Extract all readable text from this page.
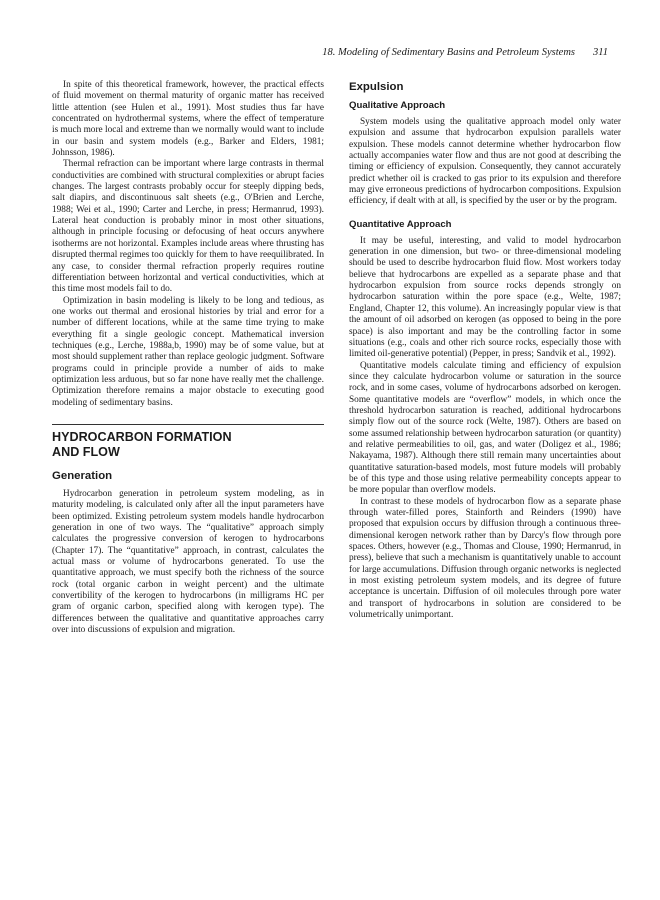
18. Modeling of Sedimentary Basins and Petroleum Systems 311

In spite of this theoretical framework, however, the practical effects of fluid movement on thermal maturity of organic matter has received little attention (see Hulen et al., 1991). Most studies thus far have concentrated on hydrothermal systems, where the effect of temperature is much more local and extreme than we normally would want to include in our basin and system models (e.g., Barker and Elders, 1981; Johnsson, 1986).

Thermal refraction can be important where large contrasts in thermal conductivities are combined with structural complexities or abrupt facies changes. The largest contrasts probably occur for steeply dipping beds, salt diapirs, and discontinuous salt sheets (e.g., O'Brien and Lerche, 1988; Wei et al., 1990; Carter and Lerche, in press; Hermanrud, 1993). Lateral heat conduction is probably minor in most other situations, although in principle focusing or defocusing of heat occurs anywhere isotherms are not horizontal. Examples include areas where thrusting has disrupted thermal regimes too quickly for them to have reequilibrated. In any case, to consider thermal refraction properly requires routine differentiation between horizontal and vertical conductivities, which at this time most models fail to do.

Optimization in basin modeling is likely to be long and tedious, as one works out thermal and erosional histories by trial and error for a number of different locations, while at the same time trying to make everything fit a single geologic concept. Mathematical inversion techniques (e.g., Lerche, 1988a,b, 1990) may be of some value, but at most should supplement rather than replace geologic judgment. Software programs could in principle provide a number of aids to make optimization less arduous, but so far none have really met the challenge. Optimization therefore remains a major obstacle to executing good modeling of sedimentary basins.

HYDROCARBON FORMATION
AND FLOW
Generation

Hydrocarbon generation in petroleum system modeling, as in maturity modeling, is calculated only after all the input parameters have been optimized. Existing petroleum system models handle hydrocarbon generation in one of two ways. The “qualitative” approach simply calculates the progressive conversion of kerogen to hydrocarbons (Chapter 17). The “quantitative” approach, in contrast, calculates the actual mass or volume of hydrocarbons generated. To use the quantitative approach, we must specify both the richness of the source rock (total organic carbon in weight percent) and the ultimate convertibility of the kerogen to hydrocarbons (in milligrams HC per gram of organic carbon, specified along with kerogen type). The differences between the qualitative and quantitative approaches carry over into discussions of expulsion and migration.

Expulsion
Qualitative Approach

System models using the qualitative approach model only water expulsion and assume that hydrocarbon expulsion parallels water expulsion. These models cannot determine whether hydrocarbon flow actually accompanies water flow and thus are not good at describing the timing or efficiency of expulsion. Consequently, they cannot accurately predict whether oil is cracked to gas prior to its expulsion and therefore may give erroneous predictions of hydrocarbon compositions. Expulsion efficiency, if dealt with at all, is specified by the user or by the program.

Quantitative Approach

It may be useful, interesting, and valid to model hydrocarbon generation in one dimension, but two- or three-dimensional modeling should be used to describe hydrocarbon fluid flow. Most workers today believe that hydrocarbons are expelled as a separate phase and that hydrocarbon expulsion from source rocks depends strongly on hydrocarbon saturation within the pore space (e.g., Welte, 1987; England, Chapter 12, this volume). An increasingly popular view is that the amount of oil adsorbed on kerogen (as opposed to being in the pore space) is also important and may be the controlling factor in some situations (e.g., coals and other rich source rocks, especially those with limited oil-generative potential) (Pepper, in press; Sandvik et al., 1992).

Quantitative models calculate timing and efficiency of expulsion since they calculate hydrocarbon volume or saturation in the source rock, and in some cases, volume of hydrocarbons adsorbed on kerogen. Some quantitative models are “overflow” models, in which once the threshold hydrocarbon saturation is reached, additional hydrocarbons simply flow out of the source rock (Welte, 1987). Others are based on some assumed relationship between hydrocarbon saturation (or quantity) and relative permeabilities to oil, gas, and water (Doligez et al., 1986; Nakayama, 1987). Although there still remain many uncertainties about quantitative saturation-based models, most future models will probably be of this type and those using relative permeability concepts appear to be more popular than overflow models.

In contrast to these models of hydrocarbon flow as a separate phase through water-filled pores, Stainforth and Reinders (1990) have proposed that expulsion occurs by diffusion through a continuous three-dimensional kerogen network rather than by Darcy's flow through pore spaces. Others, however (e.g., Thomas and Clouse, 1990; Hermanrud, in press), believe that such a mechanism is quantitatively unable to account for large accumulations. Diffusion through organic networks is neglected in most existing petroleum system models, and its degree of future acceptance is uncertain. Diffusion of oil molecules through pore water and transport of hydrocarbons in solution are considered to be volumetrically unimportant.
